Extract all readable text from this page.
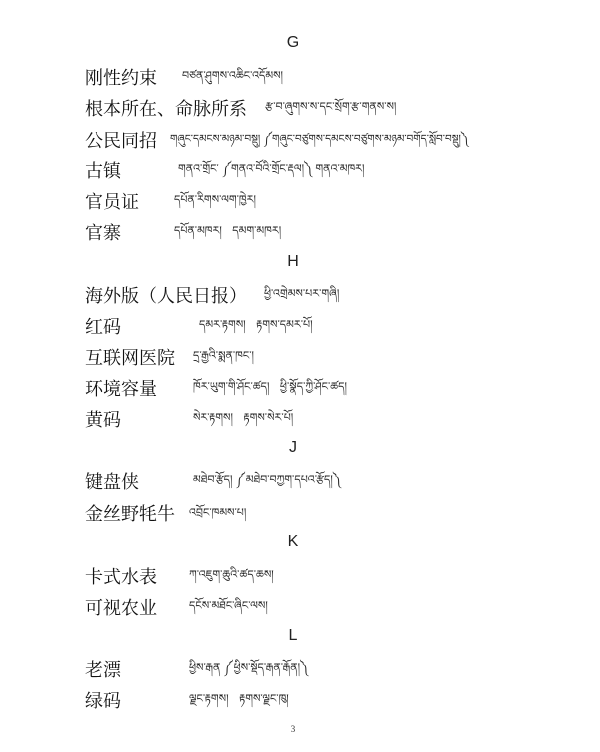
G
刚性约束 བཙན་ཤུགས་འཆིང་འདོམས།
根本所在、命脉所系 རྩ་བ་ཞུགས་ས་དང་སྲོག་རྩ་གནས་ས།
公民同招 གཞུང་དམངས་མཉམ་བསྡུ། ༼གཞུང་བཙུགས་དམངས་བཙུགས་མཉམ་བགོད་སློབ་བསྡུ།༽
古镇	གནའ་གྲོང་ ༼གནའ་བོའི་གྲོང་རྡལ།༽ གནའ་མཁར།
官员证	དཔོན་རིགས་ལག་ཁྱེར།
官寨	དཔོན་མཁར།   དམག་མཁར།
H
海外版（人民日报） ཕྱི་འགྲེམས་པར་གཞི།
红码	དམར་རྟགས།   རྟགས་དམར་པོ།
互联网医院 དྲ་རྒྱའི་སྨན་ཁང་།
环境容量	ཁོར་ཡུག་གི་ཤོང་ཚད།   ཕྱི་སྣོད་ཀྱི་ཤོང་ཚད།
黄码	སེར་རྟགས།   རྟགས་སེར་པོ།
J
键盘侠	མཐེབ་རྩོད། ༼མཐེབ་བཀྱག་དཔའ་རྩོད།༽
金丝野牦牛 འབྲོང་ཁམས་པ།
K
卡式水表	ཀ་འཇུག་ཆུའི་ཚད་ཆས།
可视农业	དངོས་མཐོང་ཞིང་ལས།
L
老漂	ཕྱིས་རྒན ༼ཕྱིས་སྡོད་རྒན་རྒོན།༽
绿码	ལྗང་རྟགས།   རྟགས་ལྗང་ཁུ།
3
